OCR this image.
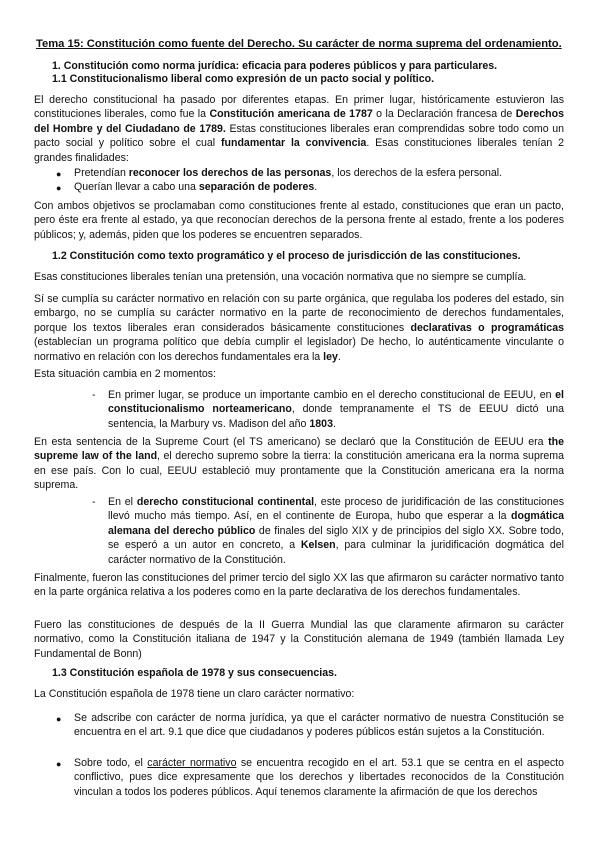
Tema 15: Constitución como fuente del Derecho. Su carácter de norma suprema del ordenamiento.
1. Constitución como norma jurídica: eficacia para poderes públicos y para particulares.
1.1 Constitucionalismo liberal como expresión de un pacto social y político.
El derecho constitucional ha pasado por diferentes etapas. En primer lugar, históricamente estuvieron las constituciones liberales, como fue la Constitución americana de 1787 o la Declaración francesa de Derechos del Hombre y del Ciudadano de 1789. Estas constituciones liberales eran comprendidas sobre todo como un pacto social y político sobre el cual fundamentar la convivencia. Esas constituciones liberales tenían 2 grandes finalidades:
● Pretendían reconocer los derechos de las personas, los derechos de la esfera personal.
● Querían llevar a cabo una separación de poderes.
Con ambos objetivos se proclamaban como constituciones frente al estado, constituciones que eran un pacto, pero éste era frente al estado, ya que reconocían derechos de la persona frente al estado, frente a los poderes públicos; y, además, piden que los poderes se encuentren separados.
1.2 Constitución como texto programático y el proceso de jurisdicción de las constituciones.
Esas constituciones liberales tenían una pretensión, una vocación normativa que no siempre se cumplía.
Sí se cumplía su carácter normativo en relación con su parte orgánica, que regulaba los poderes del estado, sin embargo, no se cumplía su carácter normativo en la parte de reconocimiento de derechos fundamentales, porque los textos liberales eran considerados básicamente constituciones declarativas o programáticas (establecían un programa político que debía cumplir el legislador) De hecho, lo auténticamente vinculante o normativo en relación con los derechos fundamentales era la ley.
Esta situación cambia en 2 momentos:
- En primer lugar, se produce un importante cambio en el derecho constitucional de EEUU, en el constitucionalismo norteamericano, donde tempranamente el TS de EEUU dictó una sentencia, la Marbury vs. Madison del año 1803.
En esta sentencia de la Supreme Court (el TS americano) se declaró que la Constitución de EEUU era the supreme law of the land, el derecho supremo sobre la tierra: la constitución americana era la norma suprema en ese país. Con lo cual, EEUU estableció muy prontamente que la Constitución americana era la norma suprema.
- En el derecho constitucional continental, este proceso de juridificación de las constituciones llevó mucho más tiempo. Así, en el continente de Europa, hubo que esperar a la dogmática alemana del derecho público de finales del siglo XIX y de principios del siglo XX. Sobre todo, se esperó a un autor en concreto, a Kelsen, para culminar la juridificación dogmática del carácter normativo de la Constitución.
Finalmente, fueron las constituciones del primer tercio del siglo XX las que afirmaron su carácter normativo tanto en la parte orgánica relativa a los poderes como en la parte declarativa de los derechos fundamentales.
Fuero las constituciones de después de la II Guerra Mundial las que claramente afirmaron su carácter normativo, como la Constitución italiana de 1947 y la Constitución alemana de 1949 (también llamada Ley Fundamental de Bonn)
1.3 Constitución española de 1978 y sus consecuencias.
La Constitución española de 1978 tiene un claro carácter normativo:
● Se adscribe con carácter de norma jurídica, ya que el carácter normativo de nuestra Constitución se encuentra en el art. 9.1 que dice que ciudadanos y poderes públicos están sujetos a la Constitución.
● Sobre todo, el carácter normativo se encuentra recogido en el art. 53.1 que se centra en el aspecto conflictivo, pues dice expresamente que los derechos y libertades reconocidos de la Constitución vinculan a todos los poderes públicos. Aquí tenemos claramente la afirmación de que los derechos
